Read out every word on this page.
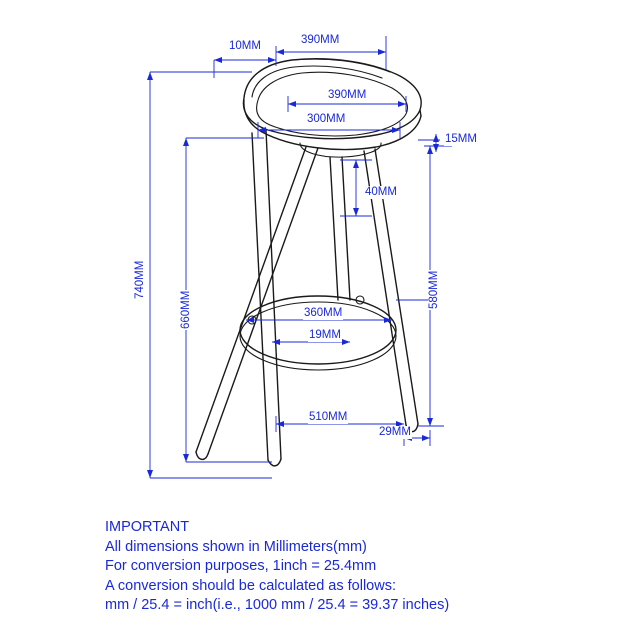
10MM	390MM
390MM
300MM
15MM
40MM
740MM
660MM
580MM
360MM
19MM
510MM
29MM
IMPORTANT
All dimensions shown in Millimeters(mm)
For conversion purposes, 1inch = 25.4mm
A conversion should be calculated as follows:
mm / 25.4 = inch(i.e., 1000 mm / 25.4 = 39.37 inches)
